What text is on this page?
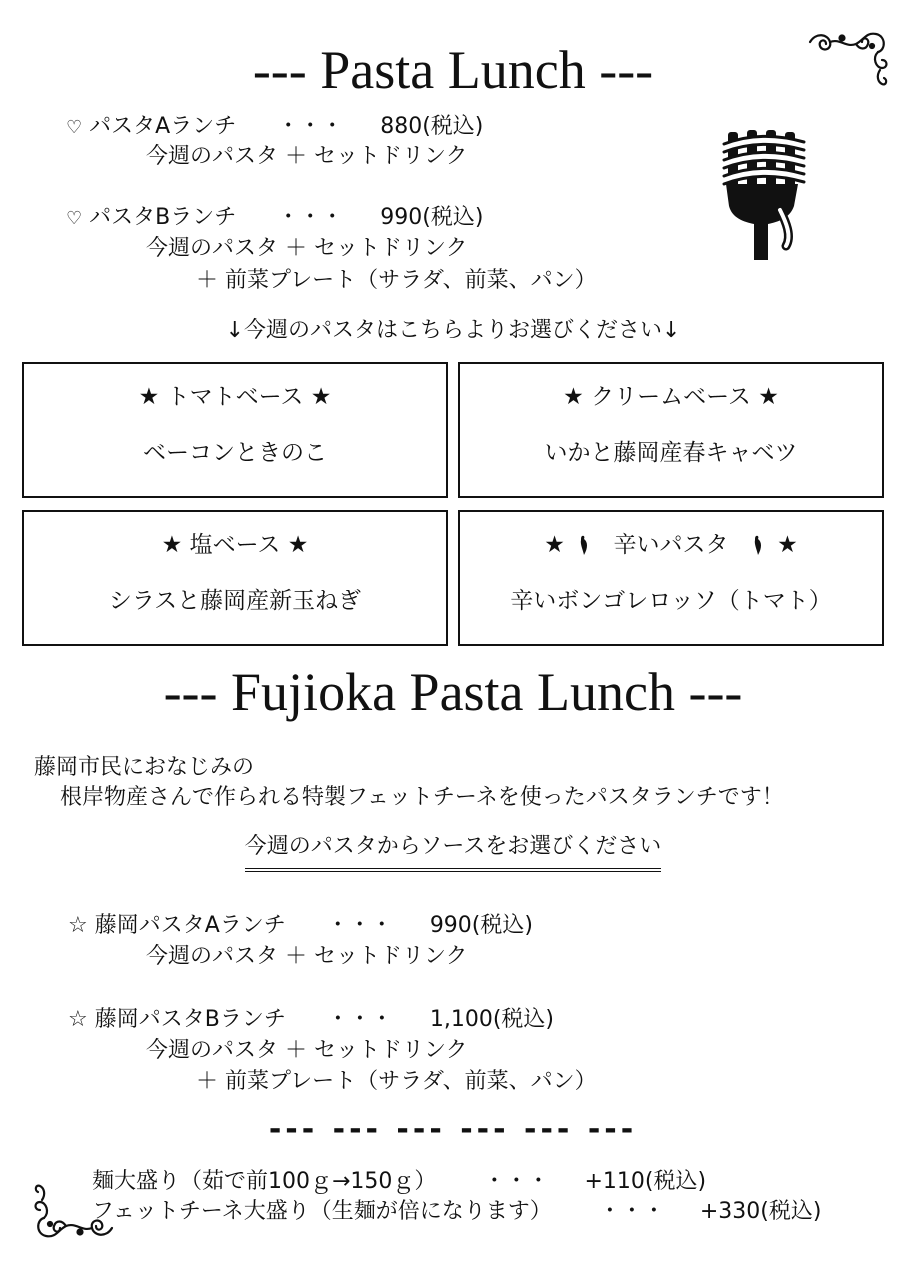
--- Pasta Lunch ---
♡ パスタAランチ ・・・ 880(税込)
今週のパスタ ＋ セットドリンク
♡ パスタBランチ ・・・ 990(税込)
今週のパスタ ＋ セットドリンク
＋ 前菜プレート（サラダ、前菜、パン）
↓今週のパスタはこちらよりお選びください↓
★ トマトベース ★
ベーコンときのこ
★ クリームベース ★
いかと藤岡産春キャベツ
★ 塩ベース ★
シラスと藤岡産新玉ねぎ
★ 辛いパスタ ★
辛いボンゴレロッソ（トマト）
--- Fujioka Pasta Lunch ---
藤岡市民におなじみの
根岸物産さんで作られる特製フェットチーネを使ったパスタランチです！
今週のパスタからソースをお選びください
☆ 藤岡パスタAランチ ・・・ 990(税込)
今週のパスタ ＋ セットドリンク
☆ 藤岡パスタBランチ ・・・ 1,100(税込)
今週のパスタ ＋ セットドリンク
＋ 前菜プレート（サラダ、前菜、パン）
--- --- --- --- --- ---
麺大盛り（茹で前100ｇ→150ｇ） ・・・ +110(税込)
フェットチーネ大盛り（生麺が倍になります） ・・・ +330(税込)
